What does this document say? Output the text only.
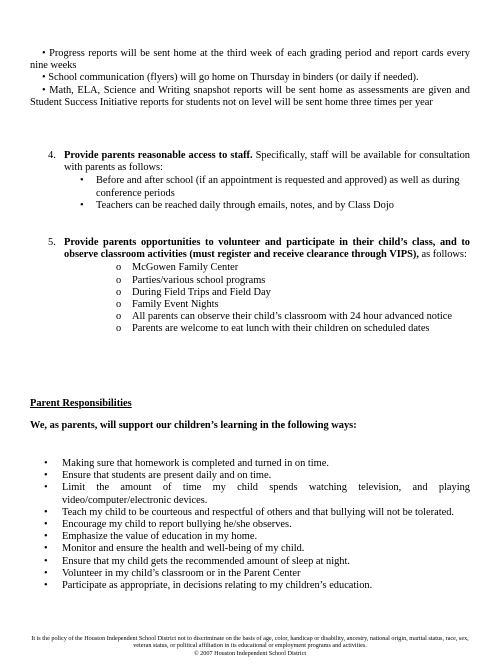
• Progress reports will be sent home at the third week of each grading period and report cards every nine weeks
• School communication (flyers) will go home on Thursday in binders (or daily if needed).
• Math, ELA, Science and Writing snapshot reports will be sent home as assessments are given and Student Success Initiative reports for students not on level will be sent home three times per year
4. Provide parents reasonable access to staff. Specifically, staff will be available for consultation with parents as follows:
•	Before and after school (if an appointment is requested and approved) as well as during conference periods
•	Teachers can be reached daily through emails, notes, and by Class Dojo
5. Provide parents opportunities to volunteer and participate in their child’s class, and to observe classroom activities (must register and receive clearance through VIPS), as follows:
o	McGowen Family Center
o	Parties/various school programs
o	During Field Trips and Field Day
o	Family Event Nights
o	All parents can observe their child’s classroom with 24 hour advanced notice
o	Parents are welcome to eat lunch with their children on scheduled dates
Parent Responsibilities
We, as parents, will support our children’s learning in the following ways:
•	Making sure that homework is completed and turned in on time.
•	Ensure that students are present daily and on time.
•	Limit the amount of time my child spends watching television, and playing video/computer/electronic devices.
•	Teach my child to be courteous and respectful of others and that bullying will not be tolerated.
•	Encourage my child to report bullying he/she observes.
•	Emphasize the value of education in my home.
•	Monitor and ensure the health and well-being of my child.
•	Ensure that my child gets the recommended amount of sleep at night.
•	Volunteer in my child’s classroom or in the Parent Center
•	Participate as appropriate, in decisions relating to my children’s education.
It is the policy of the Houston Independent School District not to discriminate on the basis of age, color, handicap or disability, ancestry, national origin, marital status, race, sex, veteran status, or political affiliation in its educational or employment programs and activities.
© 2007 Houston Independent School District
